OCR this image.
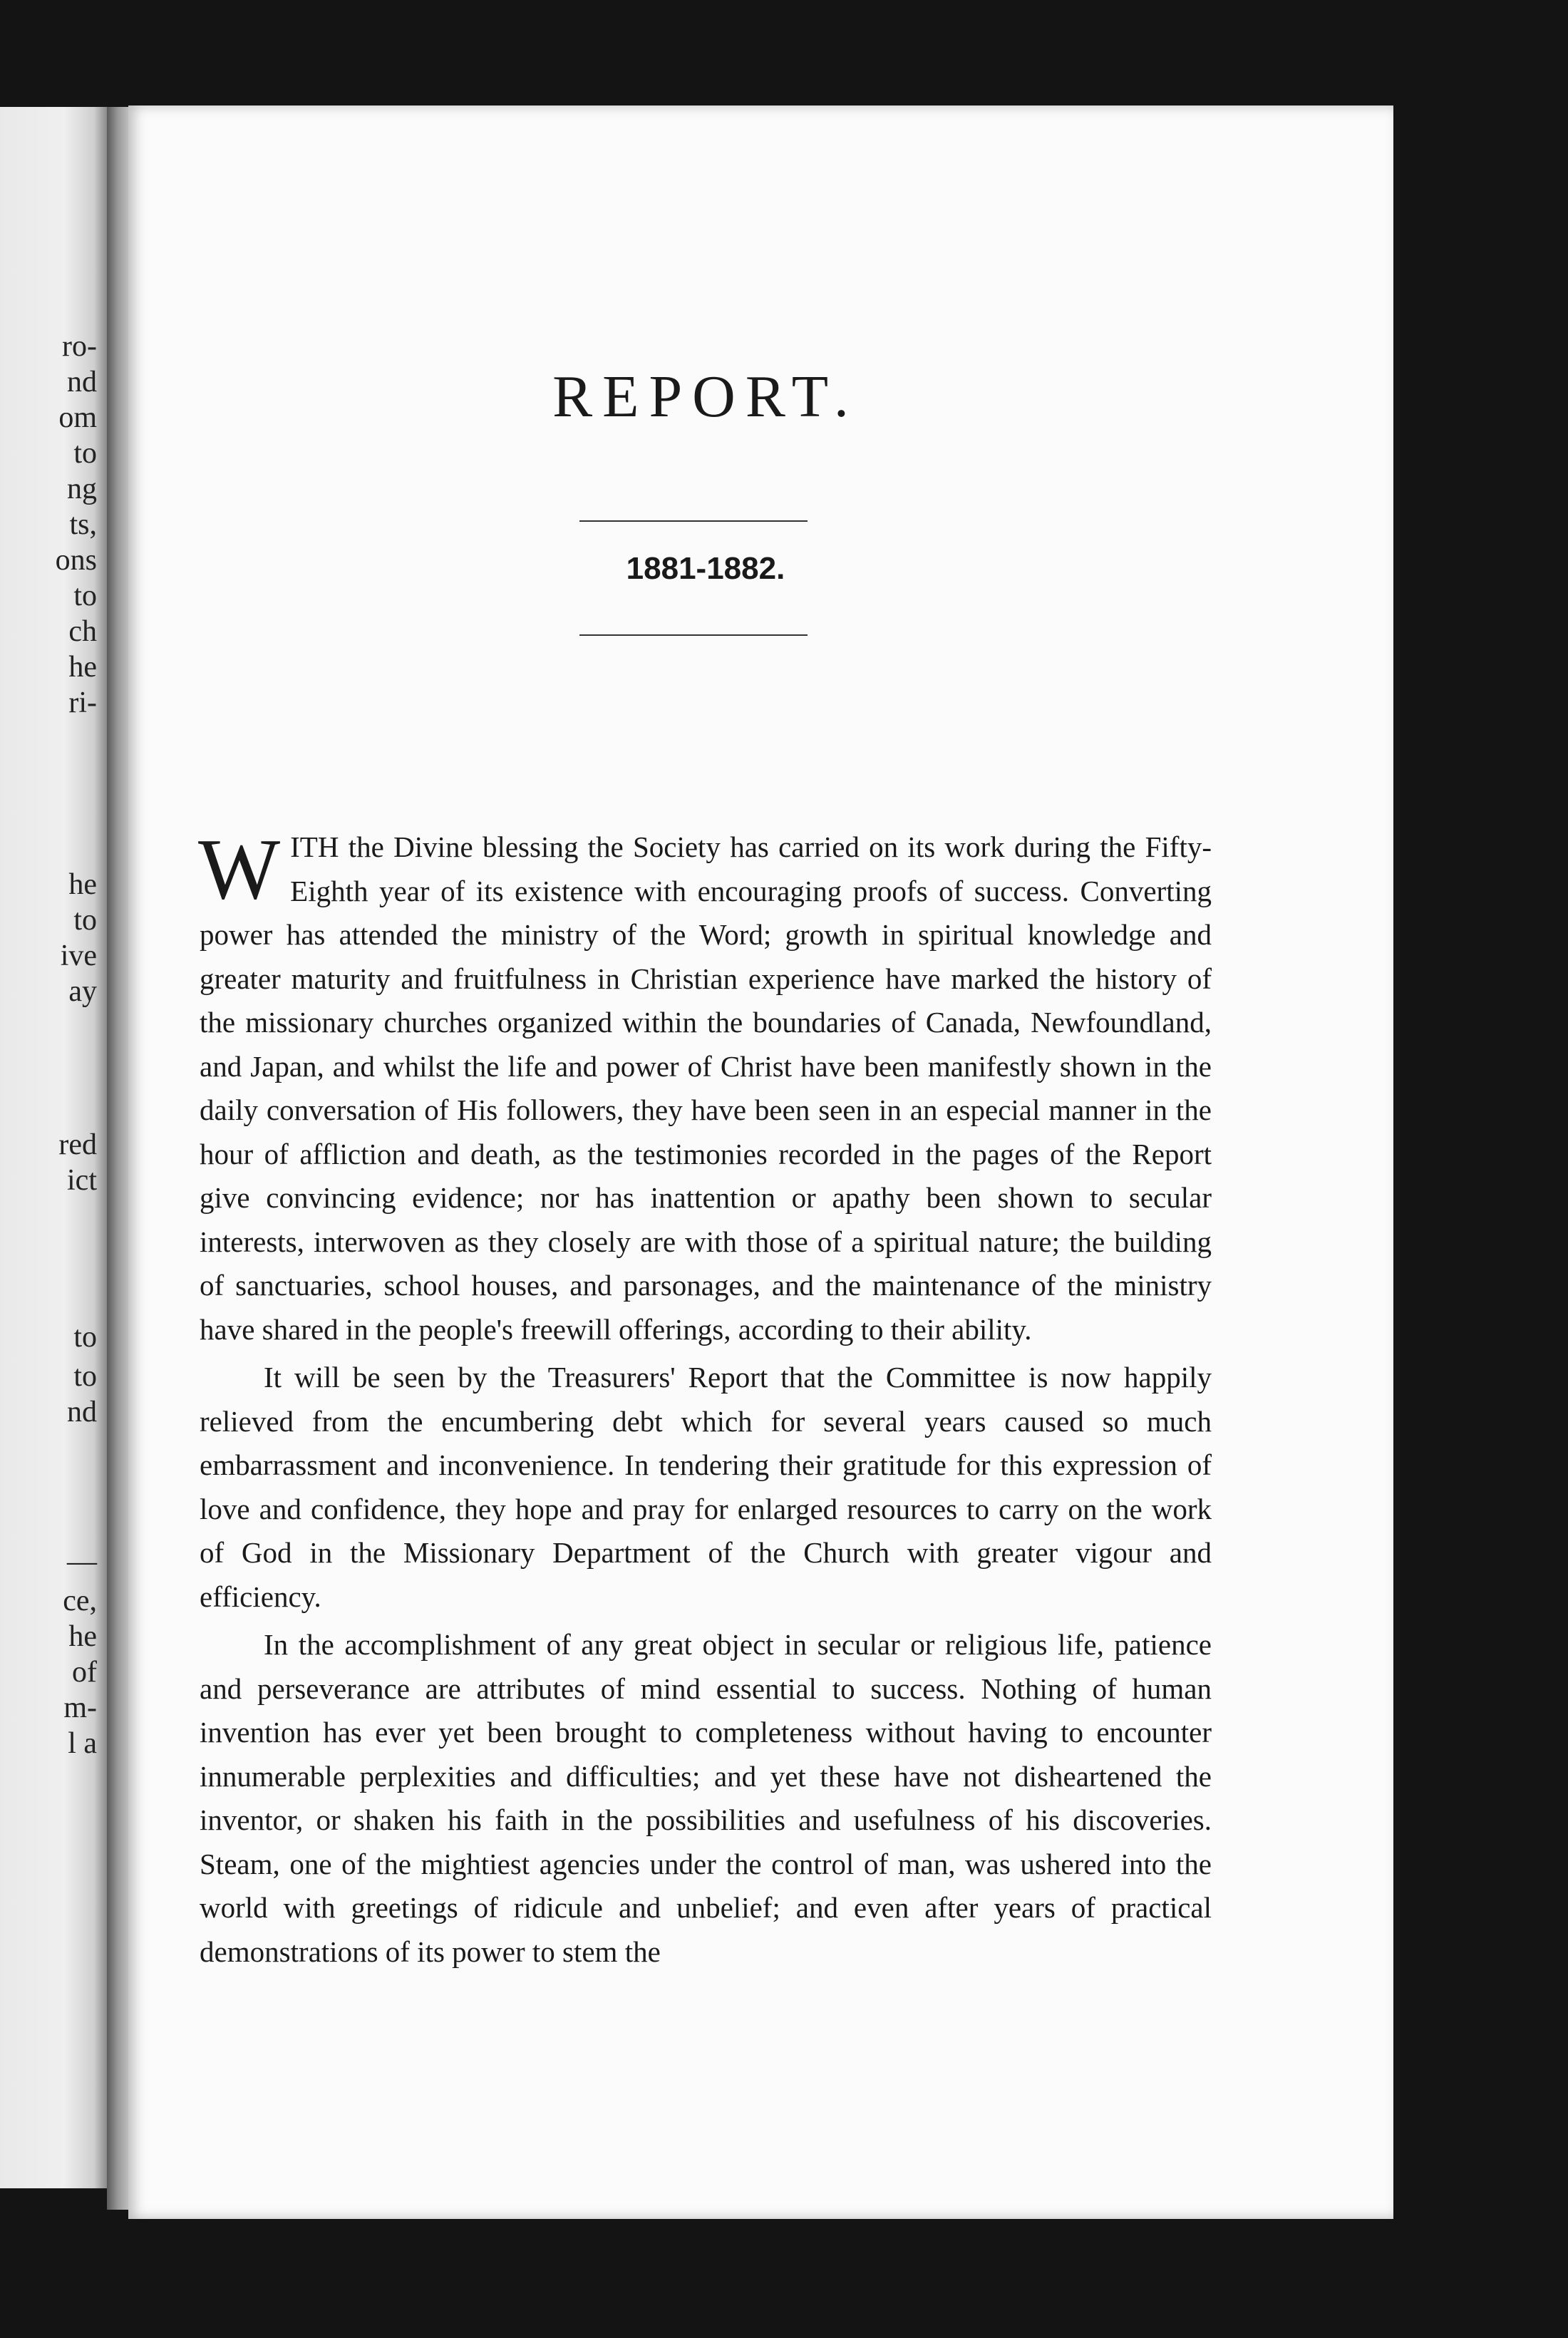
ro-
nd
om
to
ng
ts,
ons
to
ch
he
ri-
he
to
ive
ay
red
ict
to
to
nd
—
ce,
he
of
m-
l a
REPORT.
1881-1882.

WITH the Divine blessing the Society has carried on its work during the Fifty-Eighth year of its existence with encouraging proofs of success. Converting power has attended the ministry of the Word; growth in spiritual knowledge and greater maturity and fruitfulness in Christian experience have marked the history of the missionary churches organized within the boundaries of Canada, Newfoundland, and Japan, and whilst the life and power of Christ have been manifestly shown in the daily conversation of His followers, they have been seen in an especial manner in the hour of affliction and death, as the testimonies recorded in the pages of the Report give convincing evidence; nor has inattention or apathy been shown to secular interests, interwoven as they closely are with those of a spiritual nature; the building of sanctuaries, school houses, and parsonages, and the maintenance of the ministry have shared in the people's freewill offerings, according to their ability.

It will be seen by the Treasurers' Report that the Committee is now happily relieved from the encumbering debt which for several years caused so much embarrassment and inconvenience. In tendering their gratitude for this expression of love and confidence, they hope and pray for enlarged resources to carry on the work of God in the Missionary Department of the Church with greater vigour and efficiency.

In the accomplishment of any great object in secular or religious life, patience and perseverance are attributes of mind essential to success. Nothing of human invention has ever yet been brought to completeness without having to encounter innumerable perplexities and difficulties; and yet these have not disheartened the inventor, or shaken his faith in the possibilities and usefulness of his discoveries. Steam, one of the mightiest agencies under the control of man, was ushered into the world with greetings of ridicule and unbelief; and even after years of practical demonstrations of its power to stem the
